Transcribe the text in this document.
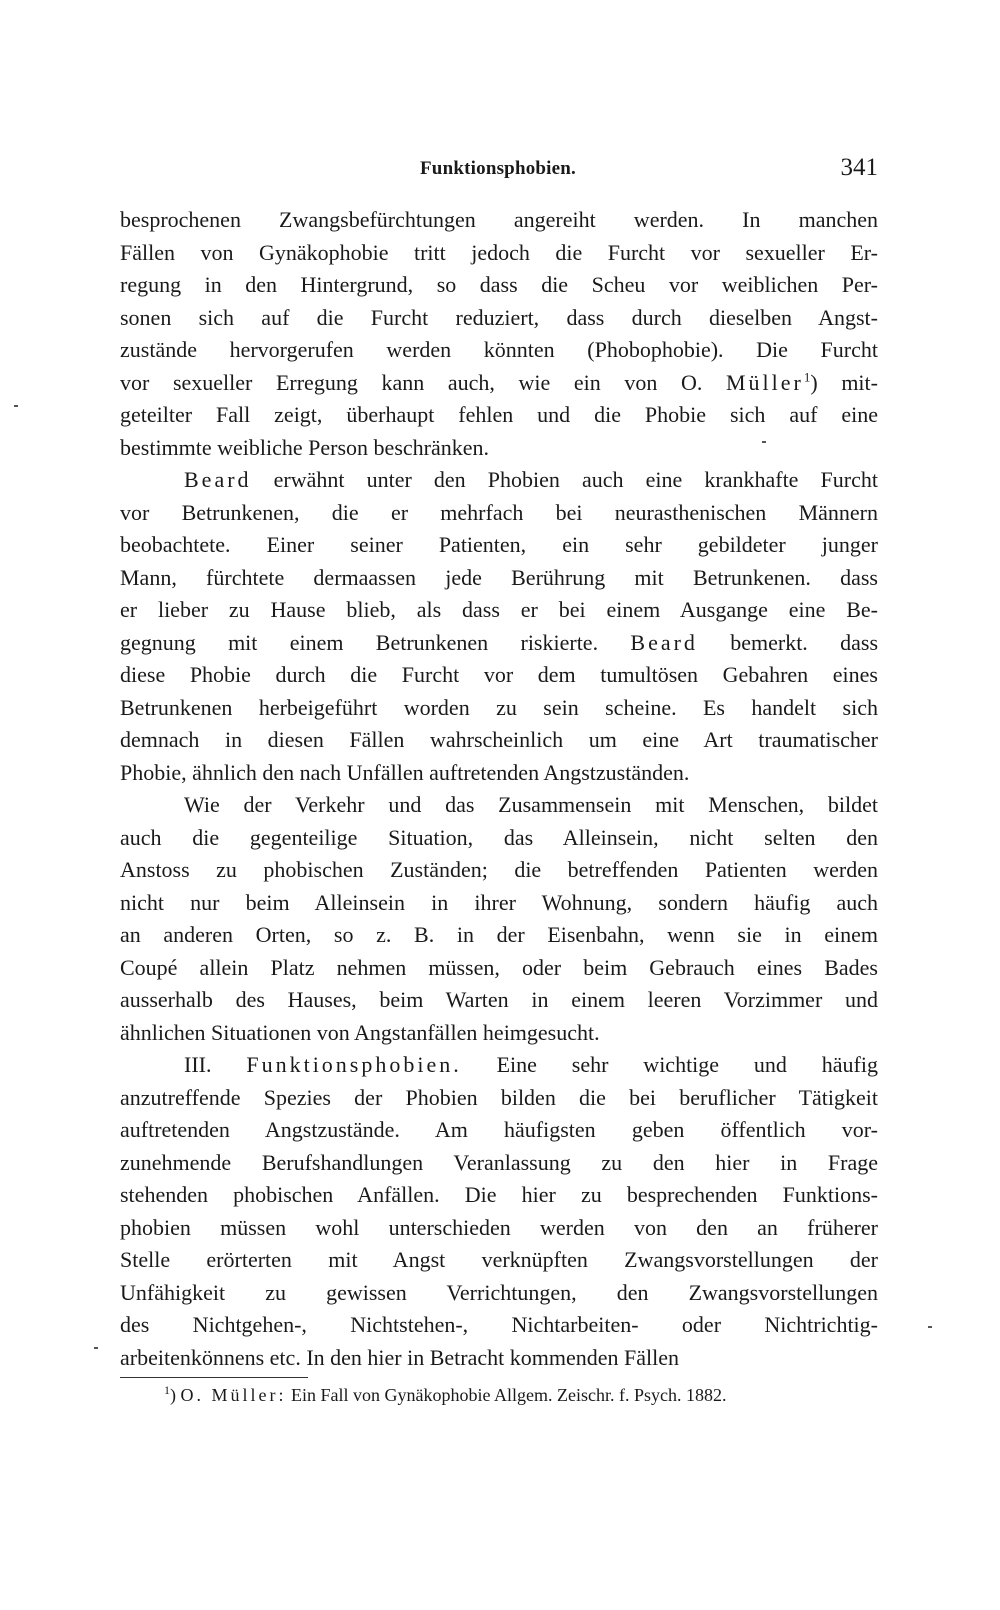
Funktionsphobien.	341
besprochenen Zwangsbefürchtungen angereiht werden. In manchen
Fällen von Gynäkophobie tritt jedoch die Furcht vor sexueller Er-
regung in den Hintergrund, so dass die Scheu vor weiblichen Per-
sonen sich auf die Furcht reduziert, dass durch dieselben Angst-
zustände hervorgerufen werden könnten (Phobophobie). Die Furcht
vor sexueller Erregung kann auch, wie ein von O. Müller$^1$) mit-
geteilter Fall zeigt, überhaupt fehlen und die Phobie sich auf eine
bestimmte weibliche Person beschränken.
Beard erwähnt unter den Phobien auch eine krankhafte Furcht
vor Betrunkenen, die er mehrfach bei neurasthenischen Männern
beobachtete. Einer seiner Patienten, ein sehr gebildeter junger
Mann, fürchtete dermaassen jede Berührung mit Betrunkenen. dass
er lieber zu Hause blieb, als dass er bei einem Ausgange eine Be-
gegnung mit einem Betrunkenen riskierte. Beard bemerkt. dass
diese Phobie durch die Furcht vor dem tumultösen Gebahren eines
Betrunkenen herbeigeführt worden zu sein scheine. Es handelt sich
demnach in diesen Fällen wahrscheinlich um eine Art traumatischer
Phobie, ähnlich den nach Unfällen auftretenden Angstzuständen.
Wie der Verkehr und das Zusammensein mit Menschen, bildet
auch die gegenteilige Situation, das Alleinsein, nicht selten den
Anstoss zu phobischen Zuständen; die betreffenden Patienten werden
nicht nur beim Alleinsein in ihrer Wohnung, sondern häufig auch
an anderen Orten, so z. B. in der Eisenbahn, wenn sie in einem
Coupé allein Platz nehmen müssen, oder beim Gebrauch eines Bades
ausserhalb des Hauses, beim Warten in einem leeren Vorzimmer und
ähnlichen Situationen von Angstanfällen heimgesucht.
III. Funktionsphobien. Eine sehr wichtige und häufig
anzutreffende Spezies der Phobien bilden die bei beruflicher Tätigkeit
auftretenden Angstzustände. Am häufigsten geben öffentlich vor-
zunehmende Berufshandlungen Veranlassung zu den hier in Frage
stehenden phobischen Anfällen. Die hier zu besprechenden Funktions-
phobien müssen wohl unterschieden werden von den an früherer
Stelle erörterten mit Angst verknüpften Zwangsvorstellungen der
Unfähigkeit zu gewissen Verrichtungen, den Zwangsvorstellungen
des Nichtgehen-, Nichtstehen-, Nichtarbeiten- oder Nichtrichtig-
arbeitenkönnens etc. In den hier in Betracht kommenden Fällen
$^1$) O. Müller: Ein Fall von Gynäkophobie Allgem. Zeischr. f. Psych. 1882.
